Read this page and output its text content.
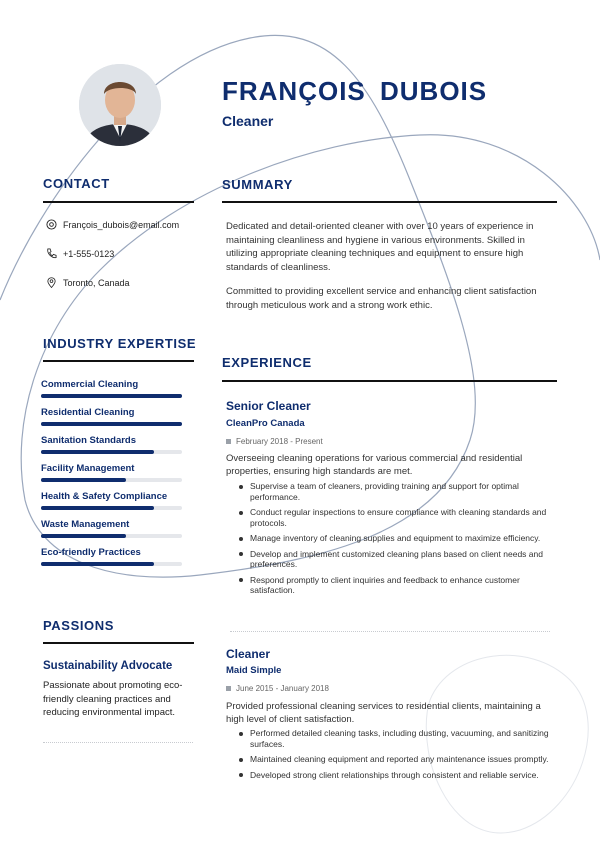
FRANÇOIS DUBOIS
Cleaner
CONTACT
François_dubois@email.com
+1-555-0123
Toronto, Canada
INDUSTRY EXPERTISE
Commercial Cleaning
Residential Cleaning
Sanitation Standards
Facility Management
Health & Safety Compliance
Waste Management
Eco-friendly Practices
PASSIONS
Sustainability Advocate
Passionate about promoting eco-friendly cleaning practices and reducing environmental impact.
SUMMARY
Dedicated and detail-oriented cleaner with over 10 years of experience in maintaining cleanliness and hygiene in various environments. Skilled in utilizing appropriate cleaning techniques and equipment to ensure high standards of cleanliness.
Committed to providing excellent service and enhancing client satisfaction through meticulous work and a strong work ethic.
EXPERIENCE
Senior Cleaner
CleanPro Canada
February 2018 - Present
Overseeing cleaning operations for various commercial and residential properties, ensuring high standards are met.
Supervise a team of cleaners, providing training and support for optimal performance.
Conduct regular inspections to ensure compliance with cleaning standards and protocols.
Manage inventory of cleaning supplies and equipment to maximize efficiency.
Develop and implement customized cleaning plans based on client needs and preferences.
Respond promptly to client inquiries and feedback to enhance customer satisfaction.
Cleaner
Maid Simple
June 2015 - January 2018
Provided professional cleaning services to residential clients, maintaining a high level of client satisfaction.
Performed detailed cleaning tasks, including dusting, vacuuming, and sanitizing surfaces.
Maintained cleaning equipment and reported any maintenance issues promptly.
Developed strong client relationships through consistent and reliable service.
